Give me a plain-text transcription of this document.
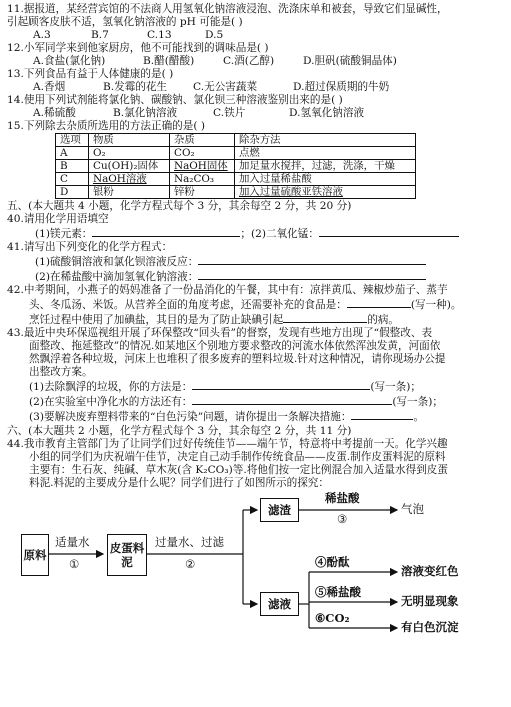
11.据报道，某经营宾馆的不法商人用氢氧化钠溶液浸泡、洗涤床单和被套，导致它们显碱性，
引起顾客皮肤不适，氢氧化钠溶液的 pH 可能是( )
A.3	B.7	C.13	D.5
12.小军同学来到他家厨房，他不可能找到的调味品是( )
A.食盐(氯化钠)	B.醋(醋酸)	C.酒(乙醇)	D.胆矾(硫酸铜晶体)
13.下列食品有益于人体健康的是( )
A.香烟	B.发霉的花生	C.无公害蔬菜	D.超过保质期的牛奶
14.使用下列试剂能将氯化钠、碳酸钠、氯化钡三种溶液鉴别出来的是( )
A.稀硫酸	B.氯化钠溶液	C.铁片	D.氢氧化钠溶液
15.下列除去杂质所选用的方法正确的是( )
选项	物质	杂质	除杂方法
A	O₂	CO₂	点燃
B	Cu(OH)₂固体	NaOH固体	加足量水搅拌，过滤，洗涤，干燥
C	NaOH溶液	Na₂CO₃	加入过量稀盐酸
D	银粉	锌粉	加入过量硫酸亚铁溶液
五、(本大题共 4 小题，化学方程式每个 3 分，其余每空 2 分，共 20 分)
40.请用化学用语填空
(1)镁元素：	；(2)二氧化锰：
41.请写出下列变化的化学方程式：
(1)硫酸铜溶液和氯化钡溶液反应：
(2)在稀盐酸中滴加氢氧化钠溶液：
42.中考期间，小燕子的妈妈准备了一份晶消化的午餐，其中有：凉拌黄瓜、辣椒炒茄子、蒸芋
头、冬瓜汤、米饭。从营养全面的角度考虑，还需要补充的食品是：	(写一种)。
烹饪过程中使用了加碘盐，其目的是为了防止缺碘引起	的病。
43.最近中央环保巡视组开展了环保整改“回头看”的督察，发现有些地方出现了“假整改、表
面整改、拖延整改”的情况.如某地区个别地方要求整改的河流水体依然浑浊发黄，河面依
然飘浮着各种垃圾，河床上也堆积了很多废弃的塑料垃圾.针对这种情况，请你现场办公提
出整改方案。
(1)去除飘浮的垃圾，你的方法是：	(写一条)；
(2)在实验室中净化水的方法还有：	(写一条)；
(3)要解决废弃塑料带来的“白色污染”问题，请你提出一条解决措施：	。
六、(本大题共 2 小题，化学方程式每个 3 分，其余每空 2 分，共 11 分)
44.我市教育主管部门为了让同学们过好传统佳节——端午节，特意将中考提前一天。化学兴趣
小组的同学们为庆祝端午佳节，决定自己动手制作传统食品——皮蛋.制作皮蛋料泥的原料
主要有：生石灰、纯碱、草木灰(含 K₂CO₃)等.将他们按一定比例混合加入适量水得到皮蛋
料泥.料泥的主要成分是什么呢？同学们进行了如图所示的探究：
原料	皮蛋料泥
滤渣
滤液
适量水
①
过量水、过滤
②
稀盐酸
③
气泡
④酚酞
⑤稀盐酸
⑥CO₂
溶液变红色
无明显现象
有白色沉淀
